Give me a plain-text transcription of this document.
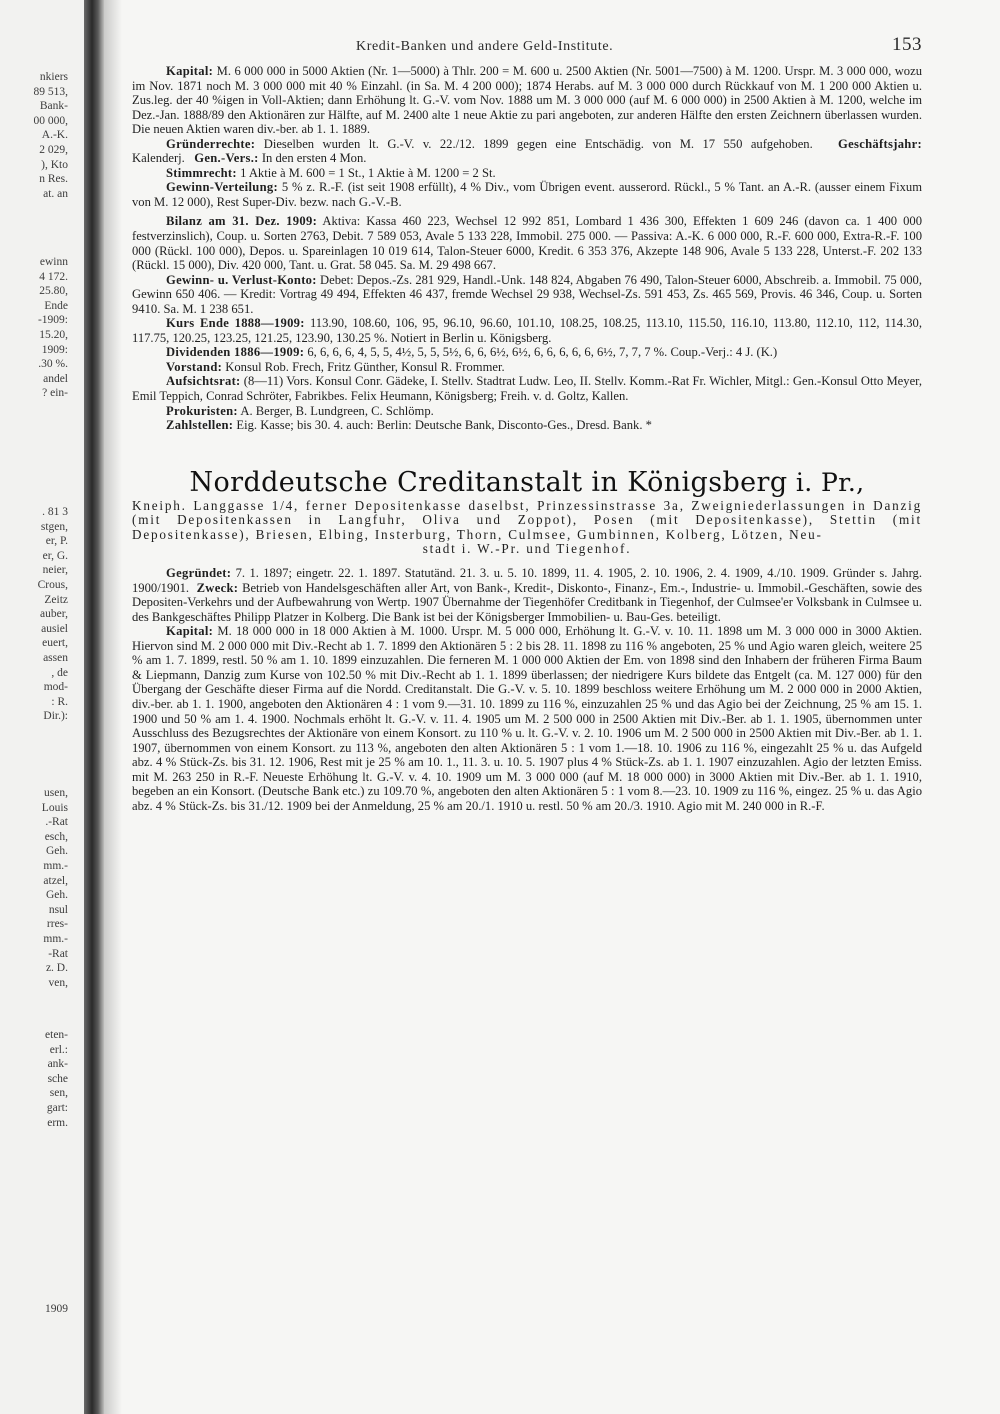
nkiers
89 513,
Bank-
00 000,
A.-K.
2 029,
), Kto
n Res.
at. an
ewinn
4 172.
25.80,
Ende
-1909:
15.20,
1909:
.30 %.
andel
? ein-
. 81 3
stgen,
er, P.
er, G.
neier,
Crous,
Zeitz
auber,
ausiel
euert,
assen
, de
mod-
: R.
Dir.):
usen,
Louis
.-Rat
esch,
Geh.
mm.-
atzel,
Geh.
nsul
rres-
mm.-
-Rat
z. D.
ven,
eten-
erl.:
ank-
sche
sen,
gart:
erm.
1909
Kredit-Banken und andere Geld-Institute.	153

Kapital: M. 6 000 000 in 5000 Aktien (Nr. 1—5000) à Thlr. 200 = M. 600 u. 2500 Aktien (Nr. 5001—7500) à M. 1200. Urspr. M. 3 000 000, wozu im Nov. 1871 noch M. 3 000 000 mit 40 % Einzahl. (in Sa. M. 4 200 000); 1874 Herabs. auf M. 3 000 000 durch Rückkauf von M. 1 200 000 Aktien u. Zus.leg. der 40 %igen in Voll-Aktien; dann Erhöhung lt. G.-V. vom Nov. 1888 um M. 3 000 000 (auf M. 6 000 000) in 2500 Aktien à M. 1200, welche im Dez.-Jan. 1888/89 den Aktionären zur Hälfte, auf M. 2400 alte 1 neue Aktie zu pari angeboten, zur anderen Hälfte den ersten Zeichnern überlassen wurden. Die neuen Aktien waren div.-ber. ab 1. 1. 1889.

Gründerrechte: Dieselben wurden lt. G.-V. v. 22./12. 1899 gegen eine Entschädig. von M. 17 550 aufgehoben. Geschäftsjahr: Kalenderj. Gen.-Vers.: In den ersten 4 Mon.

Stimmrecht: 1 Aktie à M. 600 = 1 St., 1 Aktie à M. 1200 = 2 St.

Gewinn-Verteilung: 5 % z. R.-F. (ist seit 1908 erfüllt), 4 % Div., vom Übrigen event. ausserord. Rückl., 5 % Tant. an A.-R. (ausser einem Fixum von M. 12 000), Rest Super-Div. bezw. nach G.-V.-B.

Bilanz am 31. Dez. 1909: Aktiva: Kassa 460 223, Wechsel 12 992 851, Lombard 1 436 300, Effekten 1 609 246 (davon ca. 1 400 000 festverzinslich), Coup. u. Sorten 2763, Debit. 7 589 053, Avale 5 133 228, Immobil. 275 000. — Passiva: A.-K. 6 000 000, R.-F. 600 000, Extra-R.-F. 100 000 (Rückl. 100 000), Depos. u. Spareinlagen 10 019 614, Talon-Steuer 6000, Kredit. 6 353 376, Akzepte 148 906, Avale 5 133 228, Unterst.-F. 202 133 (Rückl. 15 000), Div. 420 000, Tant. u. Grat. 58 045. Sa. M. 29 498 667.

Gewinn- u. Verlust-Konto: Debet: Depos.-Zs. 281 929, Handl.-Unk. 148 824, Abgaben 76 490, Talon-Steuer 6000, Abschreib. a. Immobil. 75 000, Gewinn 650 406. — Kredit: Vortrag 49 494, Effekten 46 437, fremde Wechsel 29 938, Wechsel-Zs. 591 453, Zs. 465 569, Provis. 46 346, Coup. u. Sorten 9410. Sa. M. 1 238 651.

Kurs Ende 1888—1909: 113.90, 108.60, 106, 95, 96.10, 96.60, 101.10, 108.25, 108.25, 113.10, 115.50, 116.10, 113.80, 112.10, 112, 114.30, 117.75, 120.25, 123.25, 121.25, 123.90, 130.25 %. Notiert in Berlin u. Königsberg.

Dividenden 1886—1909: 6, 6, 6, 6, 4, 5, 5, 4½, 5, 5, 5½, 6, 6, 6½, 6½, 6, 6, 6, 6, 6, 6½, 7, 7, 7 %. Coup.-Verj.: 4 J. (K.)

Vorstand: Konsul Rob. Frech, Fritz Günther, Konsul R. Frommer.

Aufsichtsrat: (8—11) Vors. Konsul Conr. Gädeke, I. Stellv. Stadtrat Ludw. Leo, II. Stellv. Komm.-Rat Fr. Wichler, Mitgl.: Gen.-Konsul Otto Meyer, Emil Teppich, Conrad Schröter, Fabrikbes. Felix Heumann, Königsberg; Freih. v. d. Goltz, Kallen.

Prokuristen: A. Berger, B. Lundgreen, C. Schlömp.

Zahlstellen: Eig. Kasse; bis 30. 4. auch: Berlin: Deutsche Bank, Disconto-Ges., Dresd. Bank. *

Norddeutsche Creditanstalt in Königsberg i. Pr.,

Kneiph. Langgasse 1/4, ferner Depositenkasse daselbst, Prinzessinstrasse 3a, Zweigniederlassungen in Danzig (mit Depositenkassen in Langfuhr, Oliva und Zoppot), Posen (mit Depositenkasse), Stettin (mit Depositenkasse), Briesen, Elbing, Insterburg, Thorn, Culmsee, Gumbinnen, Kolberg, Lötzen, Neu-

stadt i. W.-Pr. und Tiegenhof.

Gegründet: 7. 1. 1897; eingetr. 22. 1. 1897. Statutänd. 21. 3. u. 5. 10. 1899, 11. 4. 1905, 2. 10. 1906, 2. 4. 1909, 4./10. 1909. Gründer s. Jahrg. 1900/1901. Zweck: Betrieb von Handelsgeschäften aller Art, von Bank-, Kredit-, Diskonto-, Finanz-, Em.-, Industrie- u. Immobil.-Geschäften, sowie des Depositen-Verkehrs und der Aufbewahrung von Wertp. 1907 Übernahme der Tiegenhöfer Creditbank in Tiegenhof, der Culmsee'er Volksbank in Culmsee u. des Bankgeschäftes Philipp Platzer in Kolberg. Die Bank ist bei der Königsberger Immobilien- u. Bau-Ges. beteiligt.

Kapital: M. 18 000 000 in 18 000 Aktien à M. 1000. Urspr. M. 5 000 000, Erhöhung lt. G.-V. v. 10. 11. 1898 um M. 3 000 000 in 3000 Aktien. Hiervon sind M. 2 000 000 mit Div.-Recht ab 1. 7. 1899 den Aktionären 5 : 2 bis 28. 11. 1898 zu 116 % angeboten, 25 % und Agio waren gleich, weitere 25 % am 1. 7. 1899, restl. 50 % am 1. 10. 1899 einzuzahlen. Die ferneren M. 1 000 000 Aktien der Em. von 1898 sind den Inhabern der früheren Firma Baum & Liepmann, Danzig zum Kurse von 102.50 % mit Div.-Recht ab 1. 1. 1899 überlassen; der niedrigere Kurs bildete das Entgelt (ca. M. 127 000) für den Übergang der Geschäfte dieser Firma auf die Nordd. Creditanstalt. Die G.-V. v. 5. 10. 1899 beschloss weitere Erhöhung um M. 2 000 000 in 2000 Aktien, div.-ber. ab 1. 1. 1900, angeboten den Aktionären 4 : 1 vom 9.—31. 10. 1899 zu 116 %, einzuzahlen 25 % und das Agio bei der Zeichnung, 25 % am 15. 1. 1900 und 50 % am 1. 4. 1900. Nochmals erhöht lt. G.-V. v. 11. 4. 1905 um M. 2 500 000 in 2500 Aktien mit Div.-Ber. ab 1. 1. 1905, übernommen unter Ausschluss des Bezugsrechtes der Aktionäre von einem Konsort. zu 110 % u. lt. G.-V. v. 2. 10. 1906 um M. 2 500 000 in 2500 Aktien mit Div.-Ber. ab 1. 1. 1907, übernommen von einem Konsort. zu 113 %, angeboten den alten Aktionären 5 : 1 vom 1.—18. 10. 1906 zu 116 %, eingezahlt 25 % u. das Aufgeld abz. 4 % Stück-Zs. bis 31. 12. 1906, Rest mit je 25 % am 10. 1., 11. 3. u. 10. 5. 1907 plus 4 % Stück-Zs. ab 1. 1. 1907 einzuzahlen. Agio der letzten Emiss. mit M. 263 250 in R.-F. Neueste Erhöhung lt. G.-V. v. 4. 10. 1909 um M. 3 000 000 (auf M. 18 000 000) in 3000 Aktien mit Div.-Ber. ab 1. 1. 1910, begeben an ein Konsort. (Deutsche Bank etc.) zu 109.70 %, angeboten den alten Aktionären 5 : 1 vom 8.—23. 10. 1909 zu 116 %, eingez. 25 % u. das Agio abz. 4 % Stück-Zs. bis 31./12. 1909 bei der Anmeldung, 25 % am 20./1. 1910 u. restl. 50 % am 20./3. 1910. Agio mit M. 240 000 in R.-F.
